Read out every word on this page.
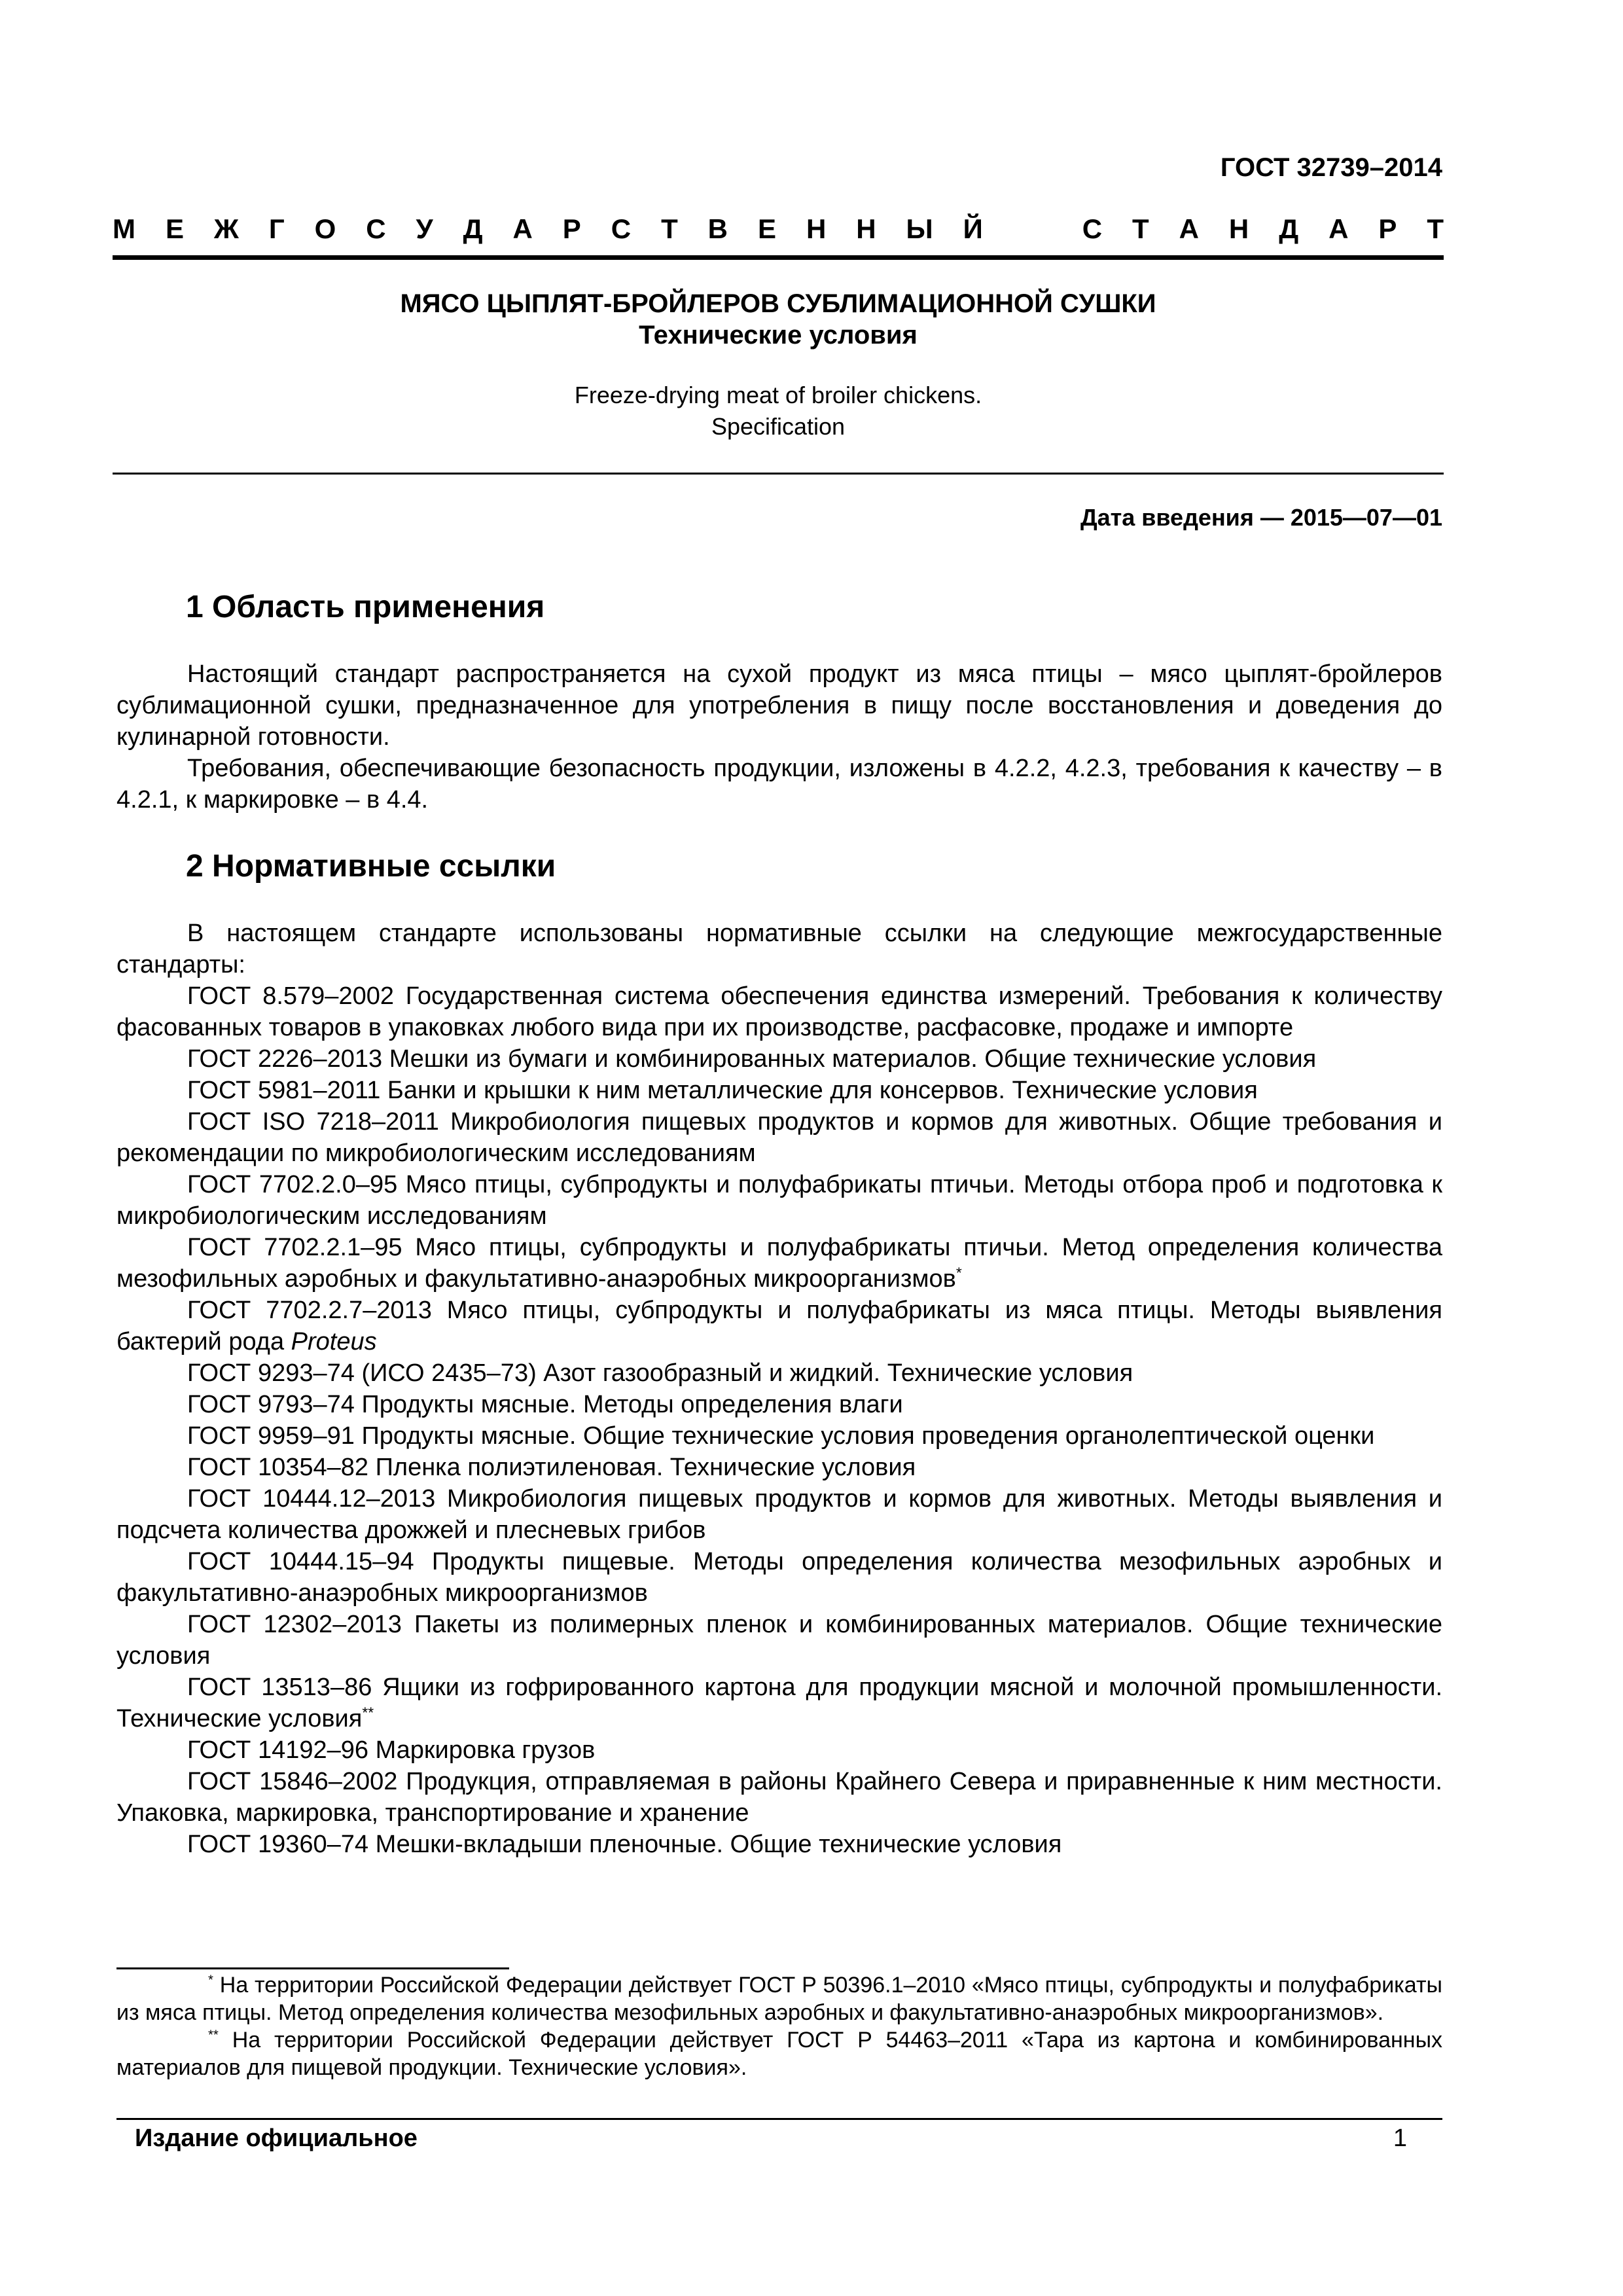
ГОСТ 32739–2014
М Е Ж Г О С У Д А Р С Т В Е Н Н Ы Й	С Т А Н Д А Р Т
МЯСО ЦЫПЛЯТ-БРОЙЛЕРОВ СУБЛИМАЦИОННОЙ СУШКИ
Технические условия
Freeze-drying meat of broiler chickens.
Specification
Дата введения — 2015—07—01
1 Область применения

Настоящий стандарт распространяется на сухой продукт из мяса птицы – мясо цыплят-бройлеров сублимационной сушки, предназначенное для употребления в пищу после восстановления и доведения до кулинарной готовности.

Требования, обеспечивающие безопасность продукции, изложены в 4.2.2, 4.2.3, требования к качеству – в 4.2.1, к маркировке – в 4.4.

2 Нормативные ссылки

В настоящем стандарте использованы нормативные ссылки на следующие межгосударственные стандарты:

ГОСТ 8.579–2002 Государственная система обеспечения единства измерений. Требования к количеству фасованных товаров в упаковках любого вида при их производстве, расфасовке, продаже и импорте

ГОСТ 2226–2013 Мешки из бумаги и комбинированных материалов. Общие технические условия

ГОСТ 5981–2011 Банки и крышки к ним металлические для консервов. Технические условия

ГОСТ ISO 7218–2011 Микробиология пищевых продуктов и кормов для животных. Общие требования и рекомендации по микробиологическим исследованиям

ГОСТ 7702.2.0–95 Мясо птицы, субпродукты и полуфабрикаты птичьи. Методы отбора проб и подготовка к микробиологическим исследованиям

ГОСТ 7702.2.1–95 Мясо птицы, субпродукты и полуфабрикаты птичьи. Метод определения количества мезофильных аэробных и факультативно-анаэробных микроорганизмов*

ГОСТ 7702.2.7–2013 Мясо птицы, субпродукты и полуфабрикаты из мяса птицы. Методы выявления бактерий рода Proteus

ГОСТ 9293–74 (ИСО 2435–73) Азот газообразный и жидкий. Технические условия

ГОСТ 9793–74 Продукты мясные. Методы определения влаги

ГОСТ 9959–91 Продукты мясные. Общие технические условия проведения органолептической оценки

ГОСТ 10354–82 Пленка полиэтиленовая. Технические условия

ГОСТ 10444.12–2013 Микробиология пищевых продуктов и кормов для животных. Методы выявления и подсчета количества дрожжей и плесневых грибов

ГОСТ 10444.15–94 Продукты пищевые. Методы определения количества мезофильных аэробных и факультативно-анаэробных микроорганизмов

ГОСТ 12302–2013 Пакеты из полимерных пленок и комбинированных материалов. Общие технические условия

ГОСТ 13513–86 Ящики из гофрированного картона для продукции мясной и молочной промышленности. Технические условия**

ГОСТ 14192–96 Маркировка грузов

ГОСТ 15846–2002 Продукция, отправляемая в районы Крайнего Севера и приравненные к ним местности. Упаковка, маркировка, транспортирование и хранение

ГОСТ 19360–74 Мешки-вкладыши пленочные. Общие технические условия

* На территории Российской Федерации действует ГОСТ Р 50396.1–2010 «Мясо птицы, субпродукты и полуфабрикаты из мяса птицы. Метод определения количества мезофильных аэробных и факультативно-анаэробных микроорганизмов».

** На территории Российской Федерации действует ГОСТ Р 54463–2011 «Тара из картона и комбинированных материалов для пищевой продукции. Технические условия».

Издание официальное	1
